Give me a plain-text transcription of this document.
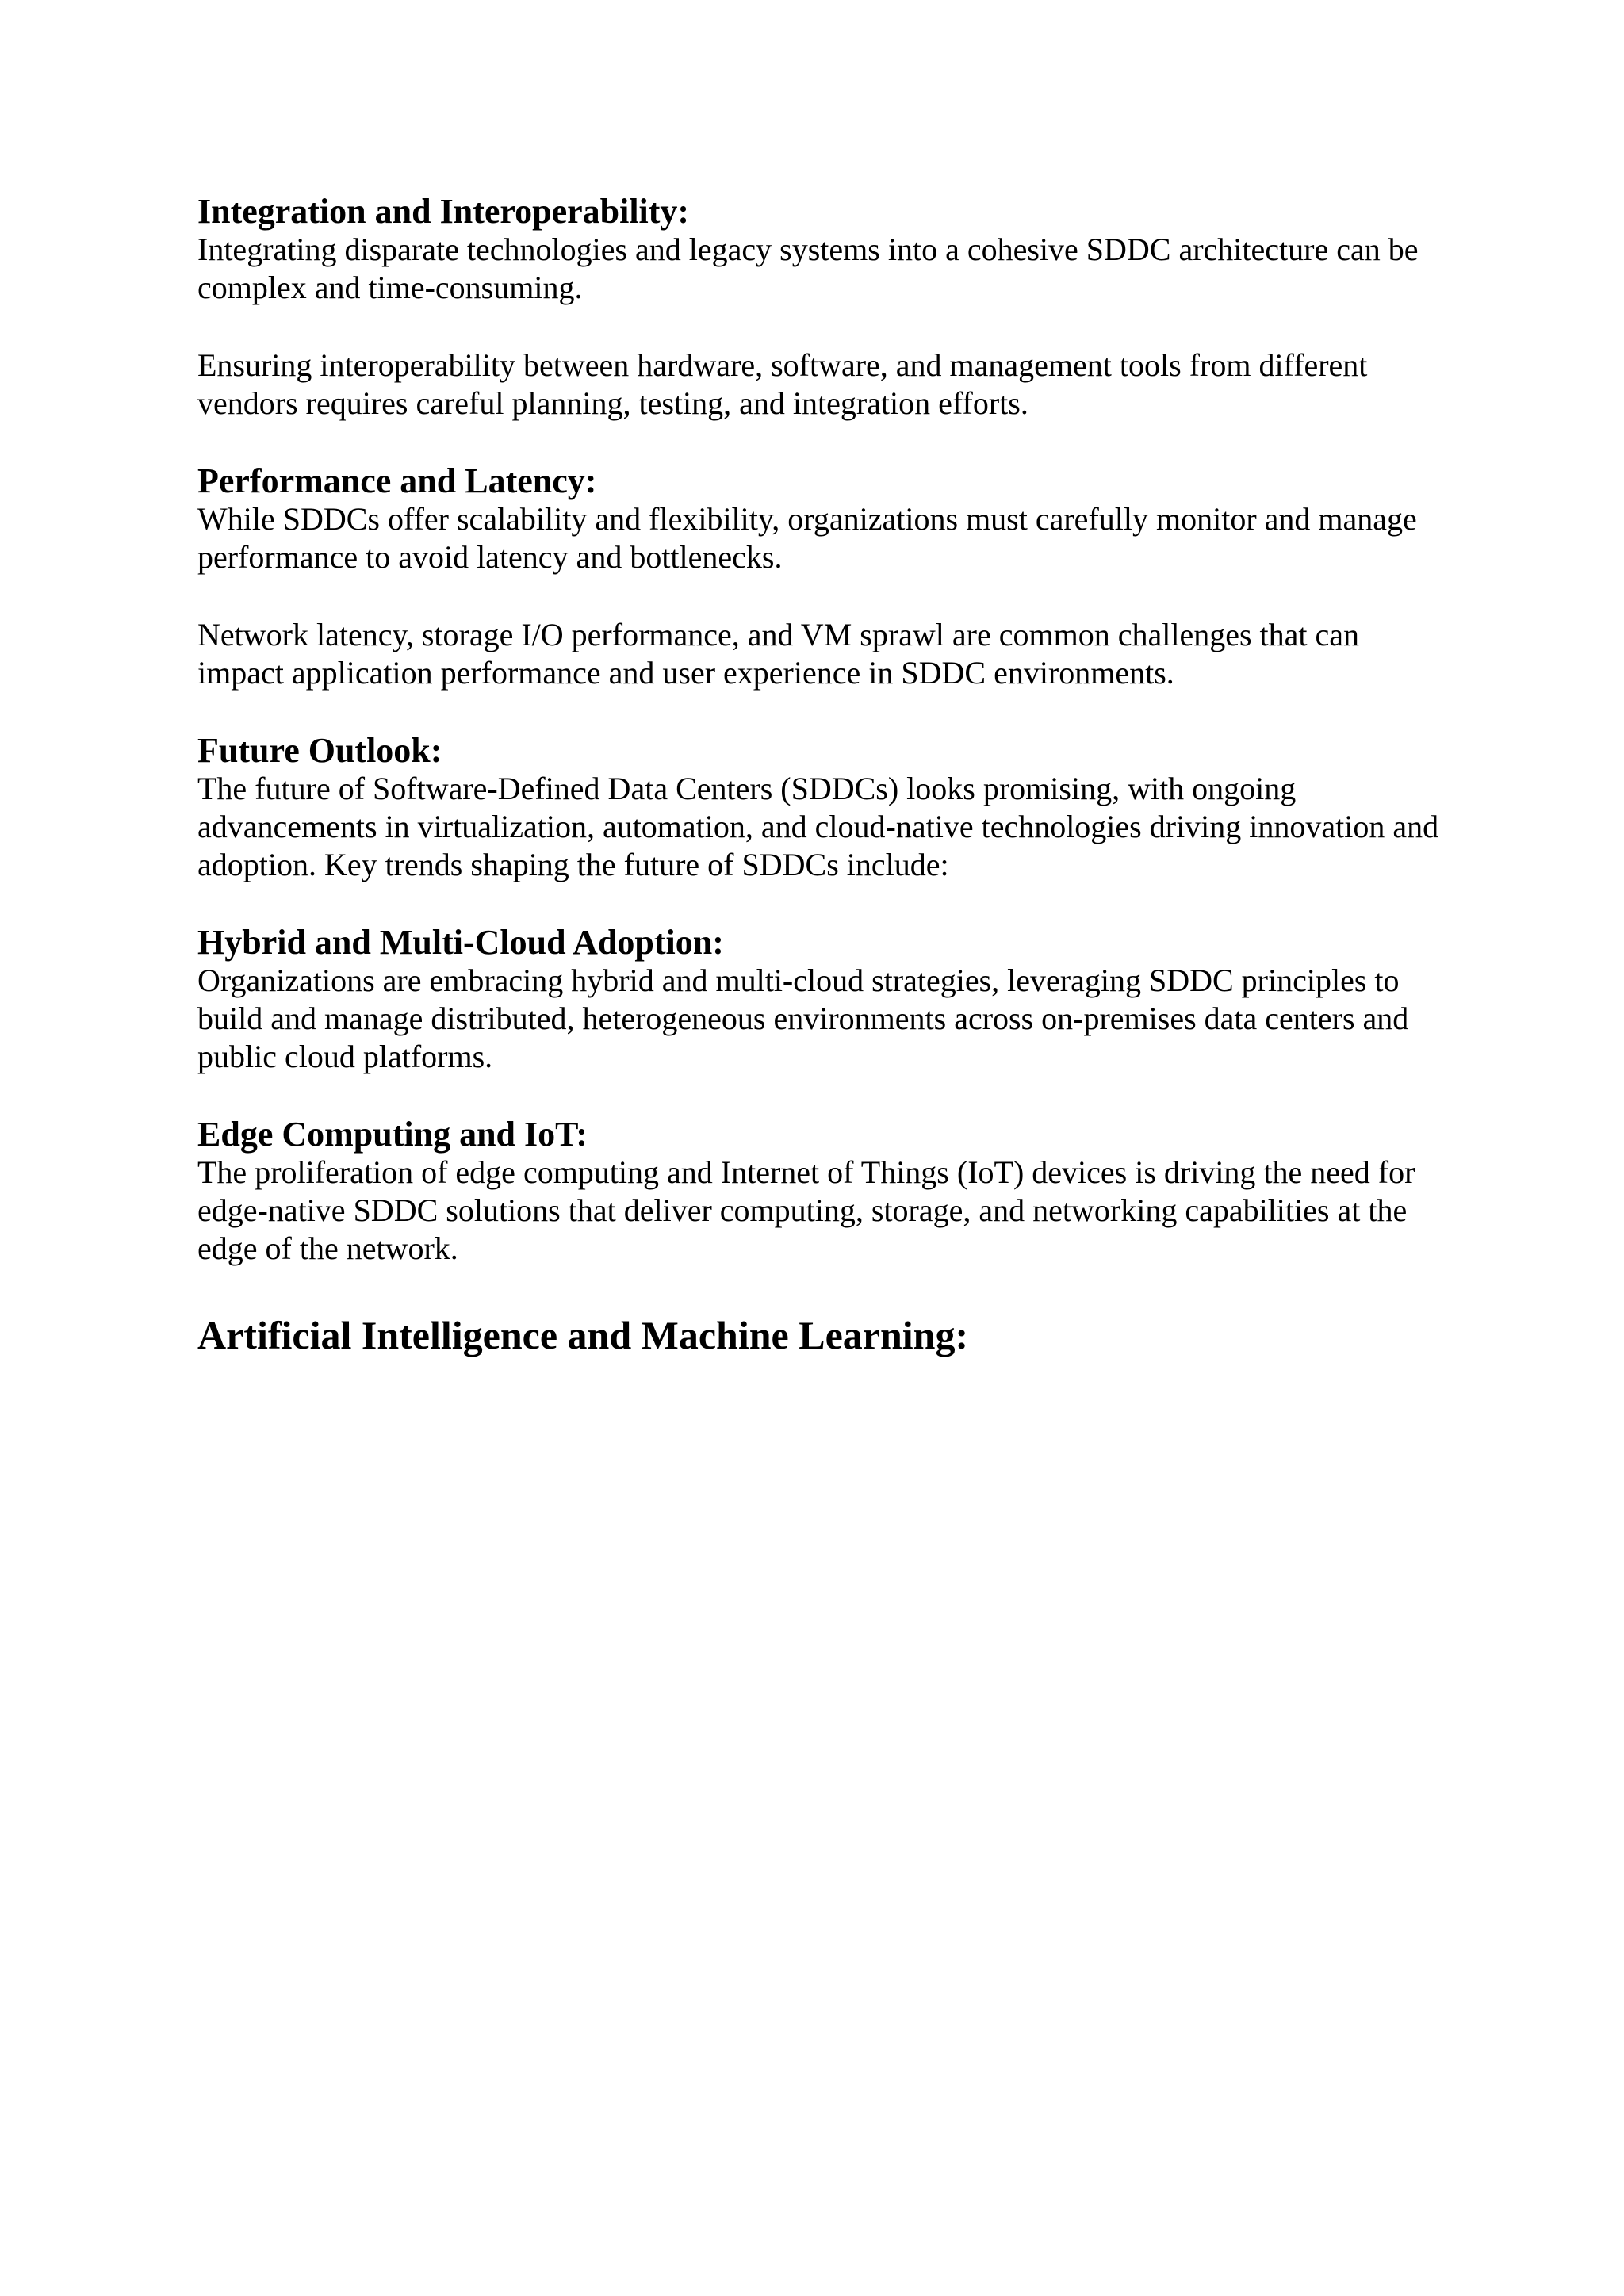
Integration and Interoperability:

Integrating disparate technologies and legacy systems into a cohesive SDDC architecture can be complex and time-consuming.

Ensuring interoperability between hardware, software, and management tools from different vendors requires careful planning, testing, and integration efforts.

Performance and Latency:

While SDDCs offer scalability and flexibility, organizations must carefully monitor and manage performance to avoid latency and bottlenecks.

Network latency, storage I/O performance, and VM sprawl are common challenges that can impact application performance and user experience in SDDC environments.

Future Outlook:

The future of Software-Defined Data Centers (SDDCs) looks promising, with ongoing advancements in virtualization, automation, and cloud-native technologies driving innovation and adoption. Key trends shaping the future of SDDCs include:

Hybrid and Multi-Cloud Adoption:

Organizations are embracing hybrid and multi-cloud strategies, leveraging SDDC principles to build and manage distributed, heterogeneous environments across on-premises data centers and public cloud platforms.

Edge Computing and IoT:

The proliferation of edge computing and Internet of Things (IoT) devices is driving the need for edge-native SDDC solutions that deliver computing, storage, and networking capabilities at the edge of the network.

Artificial Intelligence and Machine Learning:
